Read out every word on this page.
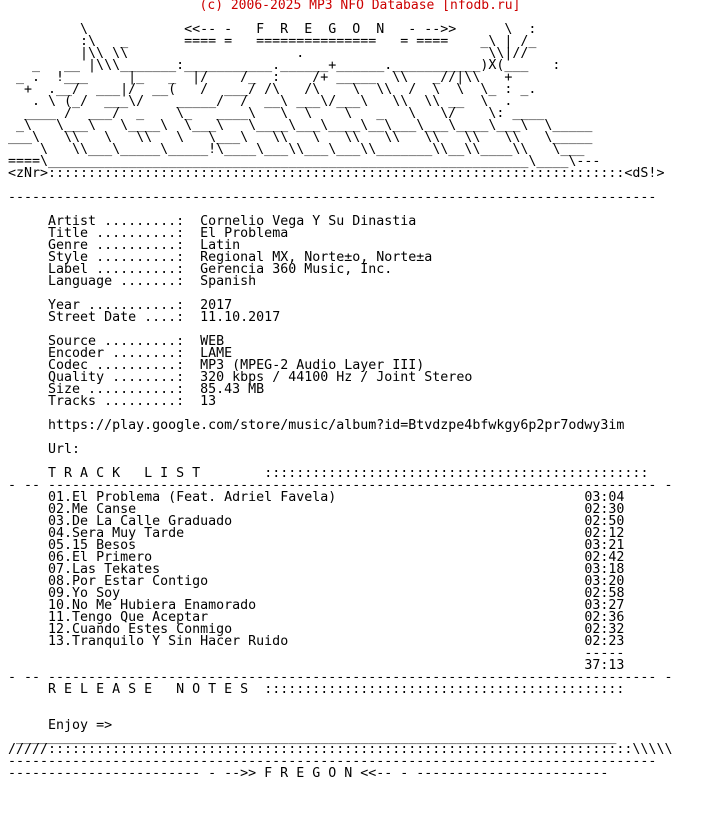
(c) 2006-2025 MP3 NFO Database [nfodb.ru]

\            <<-- -   F  R  E  G  O  N   - -->>      \  :
:\   _       ==== =   ===============   = ====    _\ | /_
|\\ \\                     .                       \\|//
_   __ |\\\_______:___________.______+______.___________)X(___   :
_ .  !___     |_   _  |/    /_  :    /+ _____  \\   _//|\\   +
+  .__/  ___|/  __(   /  ___/ /\   /\    \  \\  /  \  \  \_ : _.
. \ (_/  ___\/    _____/  /  __\ ___\/___\   \\  \\ __  \  .
____ /  ___/  _    \_   ____\   \  \    \   _   \   \/    \: ____
_\   \___\   \____\  \___\   \____\___\____\__\___\___\____\___\  \_____
___\   \\   \   \\   \   \___\   \\   \   \\   \\   \\   \\   \\   \_____
\   \\___\_____\_____!\____\___\\___\___\\_______\\__\\____\\   \___
====\____________________________________________________________\____\---
<zNr>::::::::::::::::::::::::::::::::::::::::::::::::::::::::::::::::::::::::<dS!>

---------------------------------------------------------------------------------

Artist .........: Cornelio Vega Y Su Dinastia
Title ..........: El Problema
Genre ..........: Latin
Style ..........: Regional MX, Norte±o, Norte±a
Label ..........: Gerencia 360 Music, Inc.
Language .......: Spanish

Year ...........: 2017
Street Date ....: 11.10.2017

Source .........: WEB
Encoder ........: LAME
Codec ..........: MP3 (MPEG-2 Audio Layer III)
Quality ........: 320 kbps / 44100 Hz / Joint Stereo
Size ...........: 85.43 MB
Tracks .........: 13

https://play.google.com/store/music/album?id=Btvdzpe4bfwkgy6p2pr7odwy3im

Url:

T R A C K   L I S T	::::::::::::::::::::::::::::::::::::::::::::::::
- -- ---------------------------------------------------------------------------- -
01.El Problema (Feat. Adriel Favela)	03:04
02.Me Canse	02:30
03.De La Calle Graduado	02:50
04.Sera Muy Tarde	02:12
05.15 Besos	03:21
06.El Primero	02:42
07.Las Tekates	03:18
08.Por Estar Contigo	03:20
09.Yo Soy	02:58
10.No Me Hubiera Enamorado	03:27
11.Tengo Que Aceptar	02:36
12.Cuando Estes Conmigo	02:32
13.Tranquilo Y Sin Hacer Ruido	02:23
-----
37:13
- -- ---------------------------------------------------------------------------- -
R E L E A S E   N O T E S :::::::::::::::::::::::::::::::::::::::::::::

Enjoy =>
___________________________________________________________________________
/////:::::::::::::::::::::::::::::::::::::::::::::::::::::::::::::::::::::::::\\\\\
---------------------------------------------------------------------------------
------------------------ - -->> F R E G O N <<-- - ------------------------
